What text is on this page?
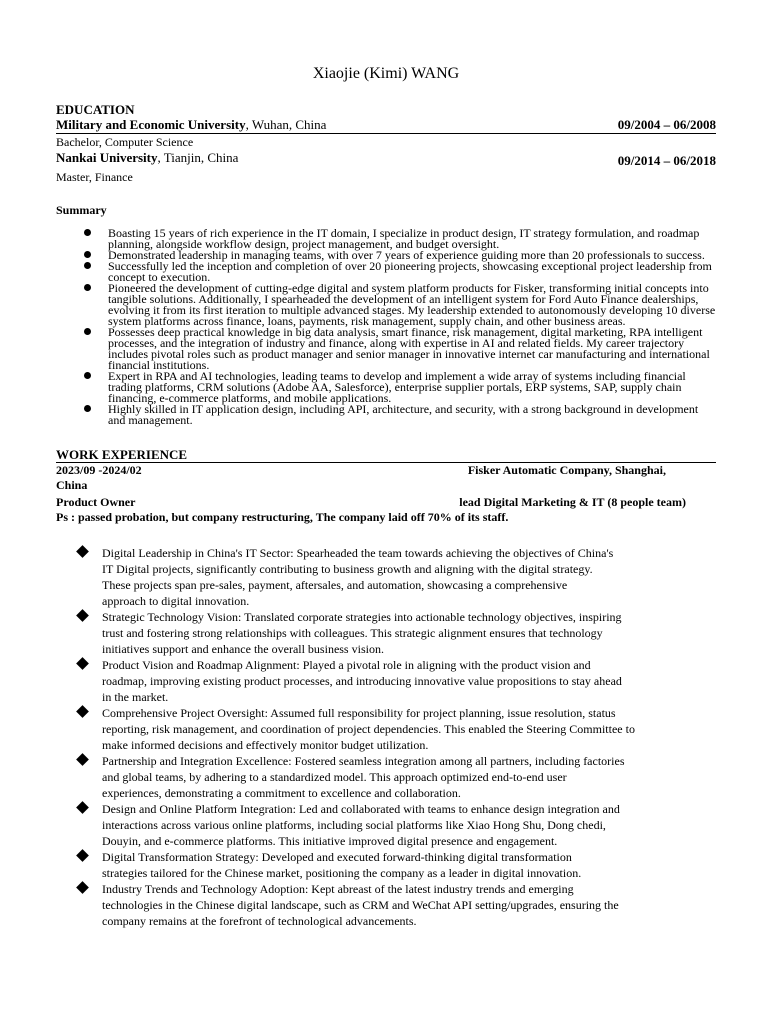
Xiaojie (Kimi) WANG
EDUCATION
Military and Economic University, Wuhan, China	09/2004 – 06/2008
Bachelor, Computer Science
Nankai University, Tianjin, China	09/2014 – 06/2018
Master, Finance
Summary
Boasting 15 years of rich experience in the IT domain, I specialize in product design, IT strategy formulation, and roadmap planning, alongside workflow design, project management, and budget oversight.
Demonstrated leadership in managing teams, with over 7 years of experience guiding more than 20 professionals to success.
Successfully led the inception and completion of over 20 pioneering projects, showcasing exceptional project leadership from concept to execution.
Pioneered the development of cutting-edge digital and system platform products for Fisker, transforming initial concepts into tangible solutions. Additionally, I spearheaded the development of an intelligent system for Ford Auto Finance dealerships, evolving it from its first iteration to multiple advanced stages. My leadership extended to autonomously developing 10 diverse system platforms across finance, loans, payments, risk management, supply chain, and other business areas.
Possesses deep practical knowledge in big data analysis, smart finance, risk management, digital marketing, RPA intelligent processes, and the integration of industry and finance, along with expertise in AI and related fields. My career trajectory includes pivotal roles such as product manager and senior manager in innovative internet car manufacturing and international financial institutions.
Expert in RPA and AI technologies, leading teams to develop and implement a wide array of systems including financial trading platforms, CRM solutions (Adobe AA, Salesforce), enterprise supplier portals, ERP systems, SAP, supply chain financing, e-commerce platforms, and mobile applications.
Highly skilled in IT application design, including API, architecture, and security, with a strong background in development and management.
WORK EXPERIENCE
2023/09 -2024/02	Fisker Automatic Company, Shanghai,
China
Product Owner	lead Digital Marketing & IT (8 people team)
Ps : passed probation, but company restructuring, The company laid off 70% of its staff.
Digital Leadership in China's IT Sector: Spearheaded the team towards achieving the objectives of China's
IT Digital projects, significantly contributing to business growth and aligning with the digital strategy.
These projects span pre-sales, payment, aftersales, and automation, showcasing a comprehensive
approach to digital innovation.
Strategic Technology Vision: Translated corporate strategies into actionable technology objectives, inspiring
trust and fostering strong relationships with colleagues. This strategic alignment ensures that technology
initiatives support and enhance the overall business vision.
Product Vision and Roadmap Alignment: Played a pivotal role in aligning with the product vision and
roadmap, improving existing product processes, and introducing innovative value propositions to stay ahead
in the market.
Comprehensive Project Oversight: Assumed full responsibility for project planning, issue resolution, status
reporting, risk management, and coordination of project dependencies. This enabled the Steering Committee to
make informed decisions and effectively monitor budget utilization.
Partnership and Integration Excellence: Fostered seamless integration among all partners, including factories
and global teams, by adhering to a standardized model. This approach optimized end-to-end user
experiences, demonstrating a commitment to excellence and collaboration.
Design and Online Platform Integration: Led and collaborated with teams to enhance design integration and
interactions across various online platforms, including social platforms like Xiao Hong Shu, Dong chedi,
Douyin, and e-commerce platforms. This initiative improved digital presence and engagement.
Digital Transformation Strategy: Developed and executed forward-thinking digital transformation
strategies tailored for the Chinese market, positioning the company as a leader in digital innovation.
Industry Trends and Technology Adoption: Kept abreast of the latest industry trends and emerging
technologies in the Chinese digital landscape, such as CRM and WeChat API setting/upgrades, ensuring the
company remains at the forefront of technological advancements.
